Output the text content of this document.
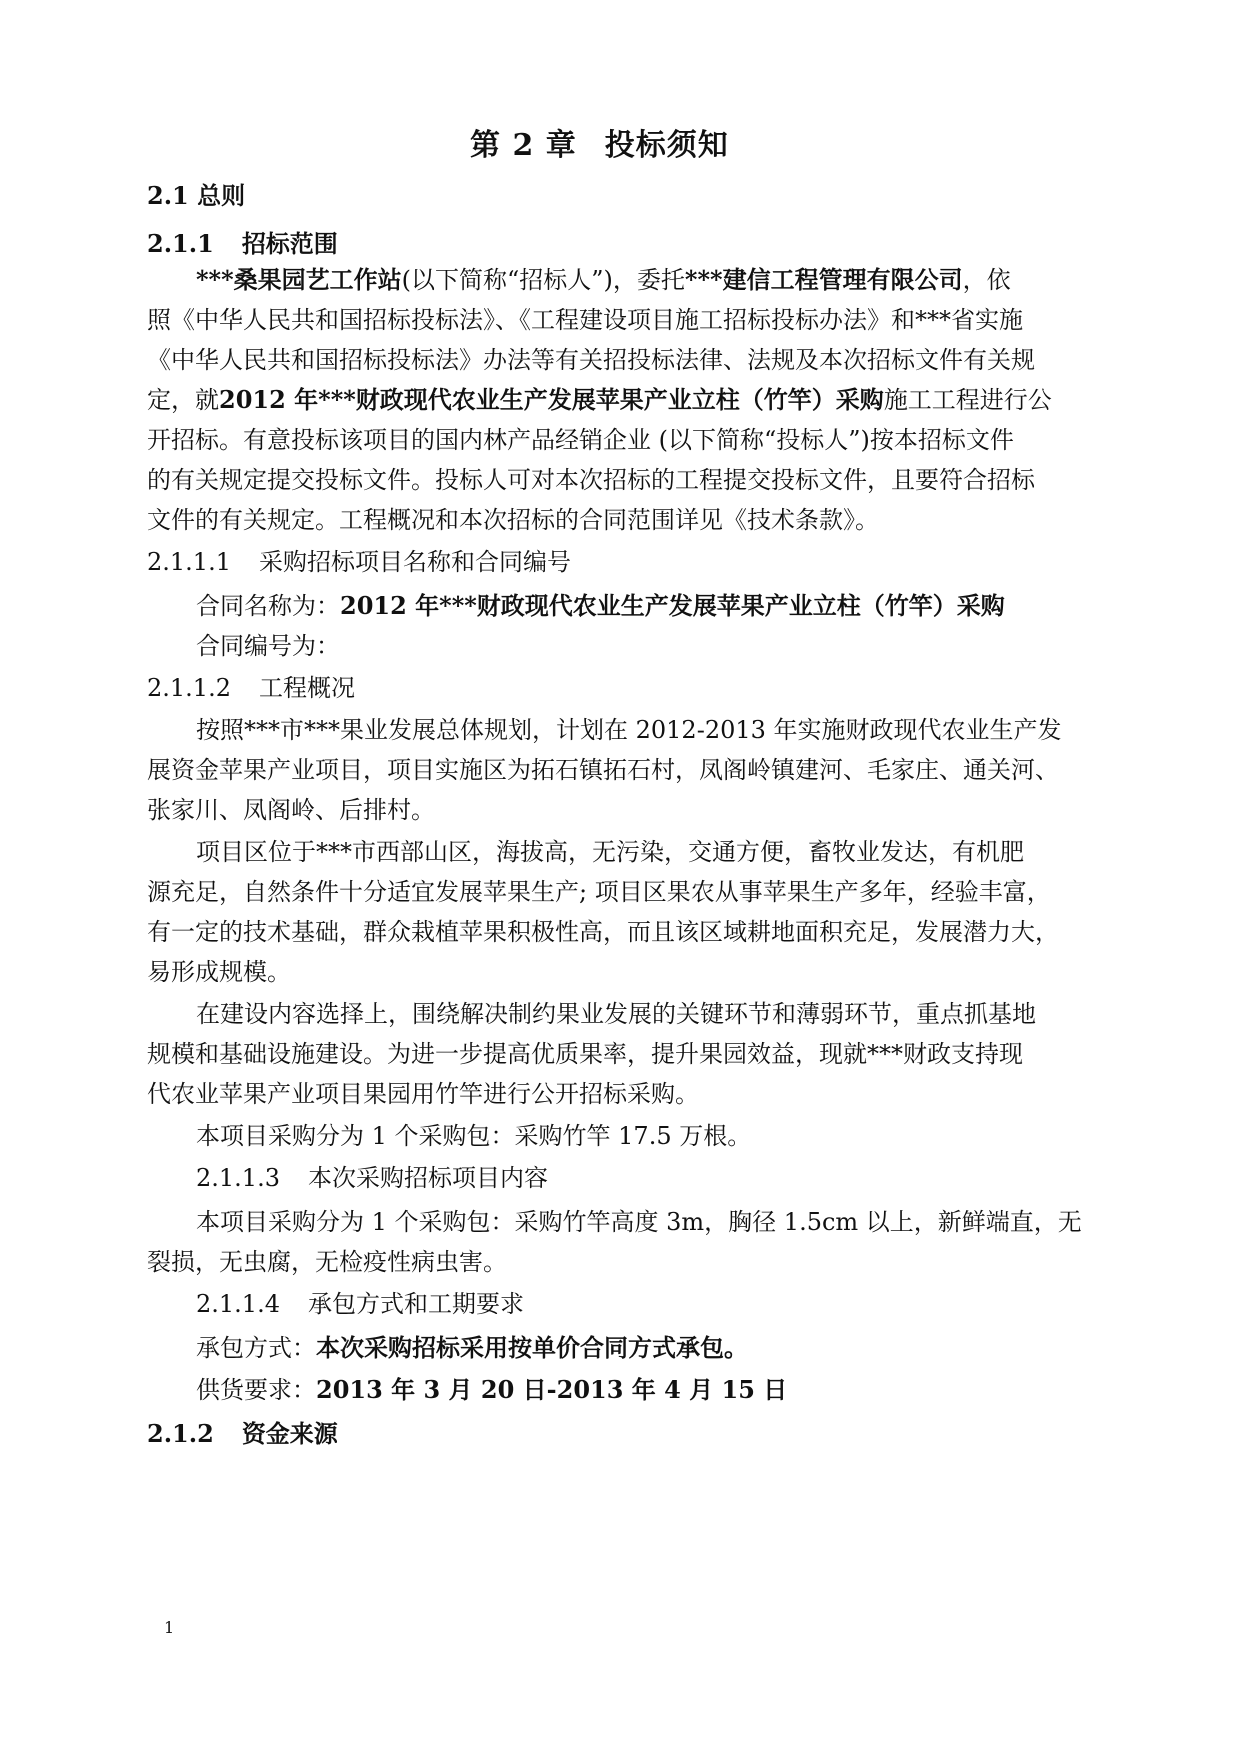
第 2 章 投标须知
2.1 总则
2.1.1 招标范围
***桑果园艺工作站(以下简称“招标人”)，委托***建信工程管理有限公司，依
照《中华人民共和国招标投标法》、《工程建设项目施工招标投标办法》和***省实施
《中华人民共和国招标投标法》办法等有关招投标法律、法规及本次招标文件有关规
定，就2012 年***财政现代农业生产发展苹果产业立柱（竹竿）采购施工工程进行公
开招标。有意投标该项目的国内林产品经销企业 (以下简称“投标人”)按本招标文件
的有关规定提交投标文件。投标人可对本次招标的工程提交投标文件，且要符合招标
文件的有关规定。工程概况和本次招标的合同范围详见《技术条款》。
2.1.1.1 采购招标项目名称和合同编号
合同名称为：2012 年***财政现代农业生产发展苹果产业立柱（竹竿）采购
合同编号为：
2.1.1.2 工程概况
按照***市***果业发展总体规划，计划在 2012-2013 年实施财政现代农业生产发
展资金苹果产业项目，项目实施区为拓石镇拓石村，凤阁岭镇建河、毛家庄、通关河、
张家川、凤阁岭、后排村。
项目区位于***市西部山区，海拔高，无污染，交通方便，畜牧业发达，有机肥
源充足，自然条件十分适宜发展苹果生产; 项目区果农从事苹果生产多年，经验丰富，
有一定的技术基础，群众栽植苹果积极性高，而且该区域耕地面积充足，发展潜力大，
易形成规模。
在建设内容选择上，围绕解决制约果业发展的关键环节和薄弱环节，重点抓基地
规模和基础设施建设。为进一步提高优质果率，提升果园效益，现就***财政支持现
代农业苹果产业项目果园用竹竿进行公开招标采购。
本项目采购分为 1 个采购包：采购竹竿 17.5 万根。
2.1.1.3 本次采购招标项目内容
本项目采购分为 1 个采购包：采购竹竿高度 3m，胸径 1.5cm 以上，新鲜端直，无
裂损，无虫腐，无检疫性病虫害。
2.1.1.4 承包方式和工期要求
承包方式：本次采购招标采用按单价合同方式承包。
供货要求：2013 年 3 月 20 日-2013 年 4 月 15 日
2.1.2 资金来源
1
